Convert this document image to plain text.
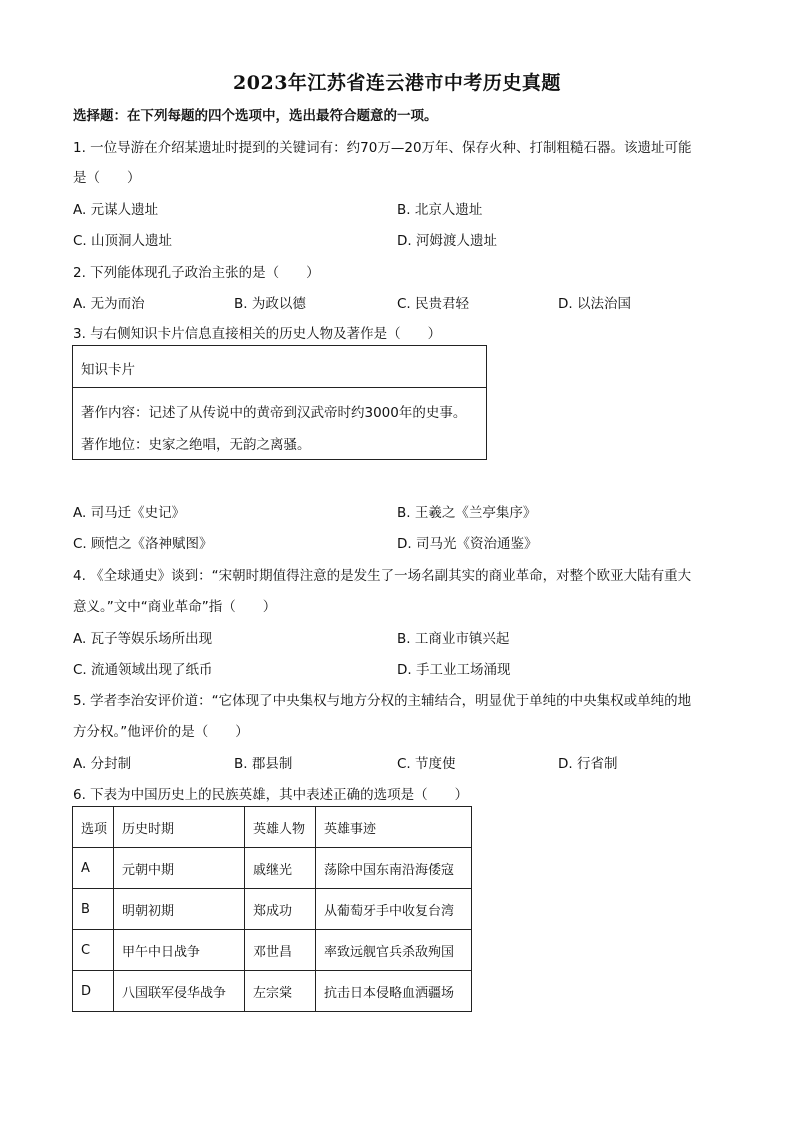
2023年江苏省连云港市中考历史真题
选择题：在下列每题的四个选项中，选出最符合题意的一项。
1. 一位导游在介绍某遗址时提到的关键词有：约70万—20万年、保存火种、打制粗糙石器。该遗址可能
是（　　）
A. 元谋人遗址	B. 北京人遗址
C. 山顶洞人遗址	D. 河姆渡人遗址
2. 下列能体现孔子政治主张的是（　　）
A. 无为而治	B. 为政以德	C. 民贵君轻	D. 以法治国
3. 与右侧知识卡片信息直接相关的历史人物及著作是（　　）
知识卡片
著作内容：记述了从传说中的黄帝到汉武帝时约3000年的史事。
著作地位：史家之绝唱，无韵之离骚。
A. 司马迁《史记》	B. 王羲之《兰亭集序》
C. 顾恺之《洛神赋图》	D. 司马光《资治通鉴》
4. 《全球通史》谈到：“宋朝时期值得注意的是发生了一场名副其实的商业革命，对整个欧亚大陆有重大
意义。”文中“商业革命”指（　　）
A. 瓦子等娱乐场所出现	B. 工商业市镇兴起
C. 流通领域出现了纸币	D. 手工业工场涌现
5. 学者李治安评价道：“它体现了中央集权与地方分权的主辅结合，明显优于单纯的中央集权或单纯的地
方分权。”他评价的是（　　）
A. 分封制	B. 郡县制	C. 节度使	D. 行省制
6. 下表为中国历史上的民族英雄，其中表述正确的选项是（　　）
选项	历史时期	英雄人物	英雄事迹
A	元朝中期	戚继光	荡除中国东南沿海倭寇
B	明朝初期	郑成功	从葡萄牙手中收复台湾
C	甲午中日战争	邓世昌	率致远舰官兵杀敌殉国
D	八国联军侵华战争	左宗棠	抗击日本侵略血洒疆场
